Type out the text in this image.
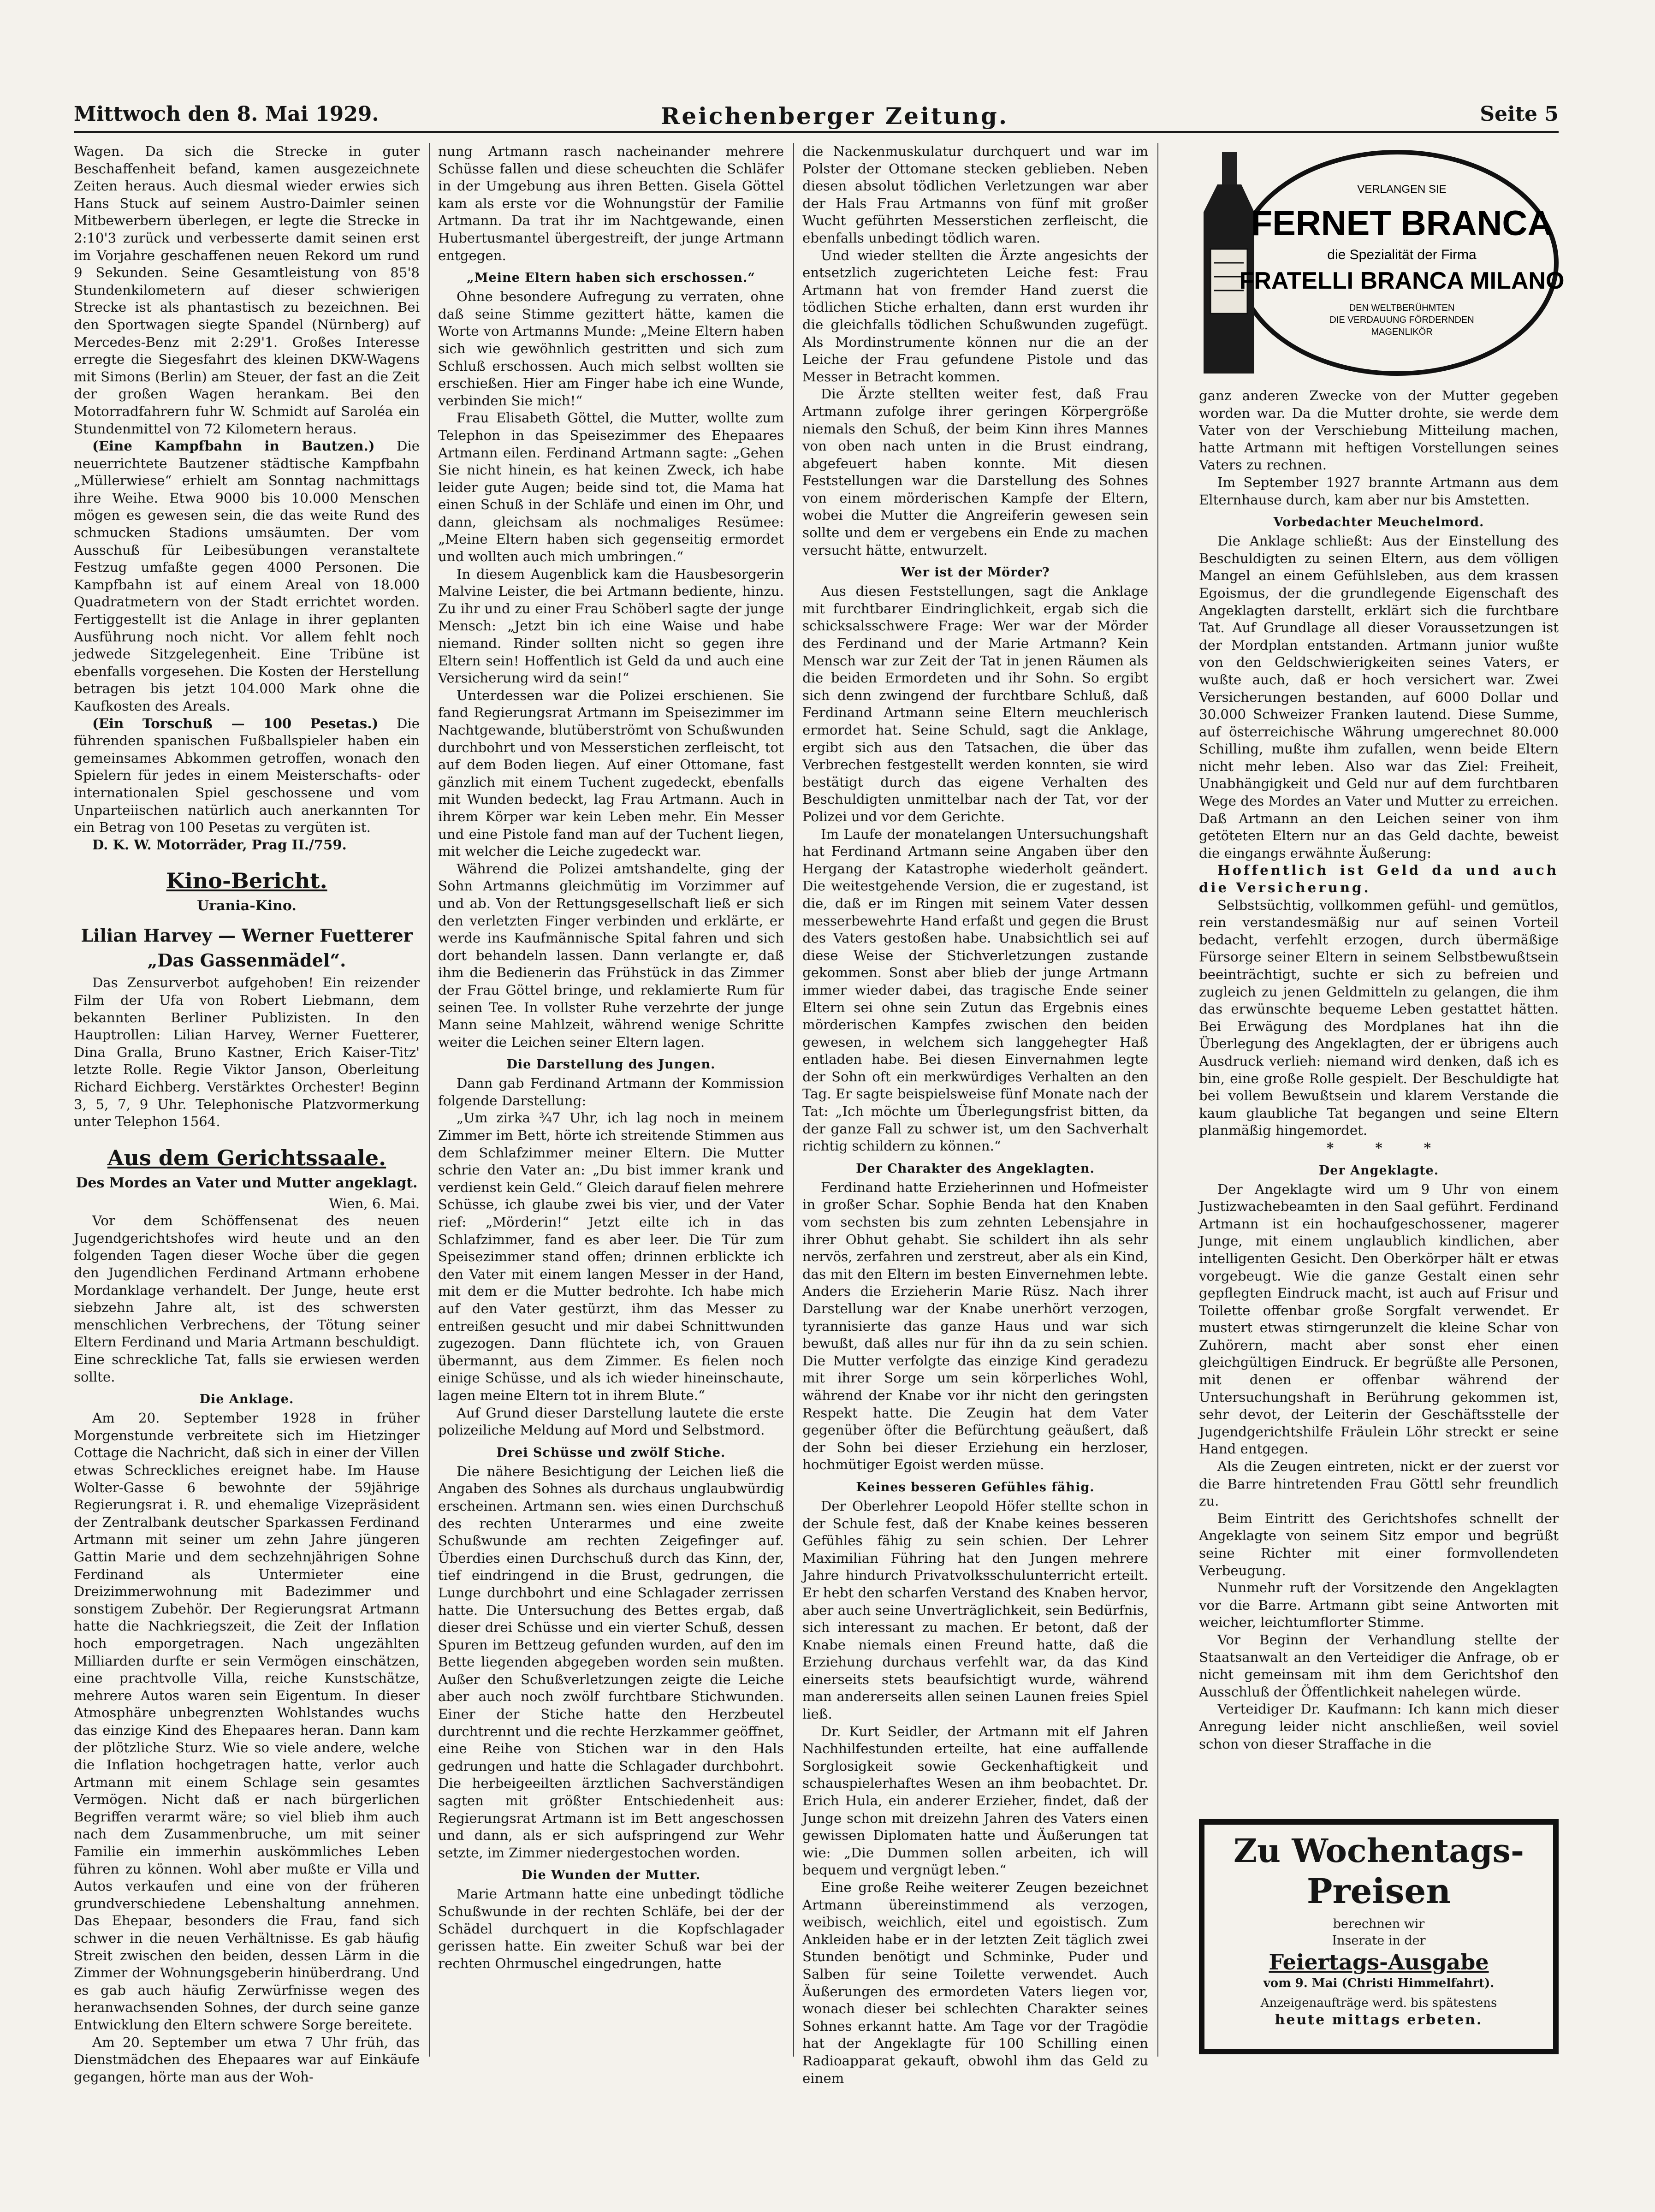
Mittwoch den 8. Mai 1929.	Reichenberger Zeitung.	Seite 5

Wagen. Da sich die Strecke in guter Beschaffenheit befand, kamen ausgezeichnete Zeiten heraus. Auch diesmal wieder erwies sich Hans Stuck auf seinem Austro-Daimler seinen Mitbewerbern überlegen, er legte die Strecke in 2:10'3 zurück und verbesserte damit seinen erst im Vorjahre geschaffenen neuen Rekord um rund 9 Sekunden. Seine Gesamtleistung von 85'8 Stundenkilometern auf dieser schwierigen Strecke ist als phantastisch zu bezeichnen. Bei den Sportwagen siegte Spandel (Nürnberg) auf Mercedes-Benz mit 2:29'1. Großes Interesse erregte die Siegesfahrt des kleinen DKW-Wagens mit Simons (Berlin) am Steuer, der fast an die Zeit der großen Wagen herankam. Bei den Motorradfahrern fuhr W. Schmidt auf Saroléa ein Stundenmittel von 72 Kilometern heraus.

(Eine Kampfbahn in Bautzen.) Die neuerrichtete Bautzener städtische Kampfbahn „Müllerwiese“ erhielt am Sonntag nachmittags ihre Weihe. Etwa 9000 bis 10.000 Menschen mögen es gewesen sein, die das weite Rund des schmucken Stadions umsäumten. Der vom Ausschuß für Leibesübungen veranstaltete Festzug umfaßte gegen 4000 Personen. Die Kampfbahn ist auf einem Areal von 18.000 Quadratmetern von der Stadt errichtet worden. Fertiggestellt ist die Anlage in ihrer geplanten Ausführung noch nicht. Vor allem fehlt noch jedwede Sitzgelegenheit. Eine Tribüne ist ebenfalls vorgesehen. Die Kosten der Herstellung betragen bis jetzt 104.000 Mark ohne die Kaufkosten des Areals.

(Ein Torschuß — 100 Pesetas.) Die führenden spanischen Fußballspieler haben ein gemeinsames Abkommen getroffen, wonach den Spielern für jedes in einem Meisterschafts- oder internationalen Spiel geschossene und vom Unparteiischen natürlich auch anerkannten Tor ein Betrag von 100 Pesetas zu vergüten ist.

D. K. W. Motorräder, Prag II./759.

Kino-Bericht.
Urania-Kino.
Lilian Harvey — Werner Fuetterer
„Das Gassenmädel“.

Das Zensurverbot aufgehoben! Ein reizender Film der Ufa von Robert Liebmann, dem bekannten Berliner Publizisten. In den Hauptrollen: Lilian Harvey, Werner Fuetterer, Dina Gralla, Bruno Kastner, Erich Kaiser-Titz' letzte Rolle. Regie Viktor Janson, Oberleitung Richard Eichberg. Verstärktes Orchester! Beginn 3, 5, 7, 9 Uhr. Telephonische Platzvormerkung unter Telephon 1564.

Aus dem Gerichtssaale.
Des Mordes an Vater und Mutter angeklagt.

Wien, 6. Mai.

Vor dem Schöffensenat des neuen Jugendgerichtshofes wird heute und an den folgenden Tagen dieser Woche über die gegen den Jugendlichen Ferdinand Artmann erhobene Mordanklage verhandelt. Der Junge, heute erst siebzehn Jahre alt, ist des schwersten menschlichen Verbrechens, der Tötung seiner Eltern Ferdinand und Maria Artmann beschuldigt. Eine schreckliche Tat, falls sie erwiesen werden sollte.

Die Anklage.

Am 20. September 1928 in früher Morgenstunde verbreitete sich im Hietzinger Cottage die Nachricht, daß sich in einer der Villen etwas Schreckliches ereignet habe. Im Hause Wolter-Gasse 6 bewohnte der 59jährige Regierungsrat i. R. und ehemalige Vizepräsident der Zentralbank deutscher Sparkassen Ferdinand Artmann mit seiner um zehn Jahre jüngeren Gattin Marie und dem sechzehnjährigen Sohne Ferdinand als Untermieter eine Dreizimmerwohnung mit Badezimmer und sonstigem Zubehör. Der Regierungsrat Artmann hatte die Nachkriegszeit, die Zeit der Inflation hoch emporgetragen. Nach ungezählten Milliarden durfte er sein Vermögen einschätzen, eine prachtvolle Villa, reiche Kunstschätze, mehrere Autos waren sein Eigentum. In dieser Atmosphäre unbegrenzten Wohlstandes wuchs das einzige Kind des Ehepaares heran. Dann kam der plötzliche Sturz. Wie so viele andere, welche die Inflation hochgetragen hatte, verlor auch Artmann mit einem Schlage sein gesamtes Vermögen. Nicht daß er nach bürgerlichen Begriffen verarmt wäre; so viel blieb ihm auch nach dem Zusammenbruche, um mit seiner Familie ein immerhin auskömmliches Leben führen zu können. Wohl aber mußte er Villa und Autos verkaufen und eine von der früheren grundverschiedene Lebenshaltung annehmen. Das Ehepaar, besonders die Frau, fand sich schwer in die neuen Verhältnisse. Es gab häufig Streit zwischen den beiden, dessen Lärm in die Zimmer der Wohnungsgeberin hinüberdrang. Und es gab auch häufig Zerwürfnisse wegen des heranwachsenden Sohnes, der durch seine ganze Entwicklung den Eltern schwere Sorge bereitete.

Am 20. September um etwa 7 Uhr früh, das Dienstmädchen des Ehepaares war auf Einkäufe gegangen, hörte man aus der Woh-

nung Artmann rasch nacheinander mehrere Schüsse fallen und diese scheuchten die Schläfer in der Umgebung aus ihren Betten. Gisela Göttel kam als erste vor die Wohnungstür der Familie Artmann. Da trat ihr im Nachtgewande, einen Hubertusmantel übergestreift, der junge Artmann entgegen.

„Meine Eltern haben sich erschossen.“

Ohne besondere Aufregung zu verraten, ohne daß seine Stimme gezittert hätte, kamen die Worte von Artmanns Munde: „Meine Eltern haben sich wie gewöhnlich gestritten und sich zum Schluß erschossen. Auch mich selbst wollten sie erschießen. Hier am Finger habe ich eine Wunde, verbinden Sie mich!“

Frau Elisabeth Göttel, die Mutter, wollte zum Telephon in das Speisezimmer des Ehepaares Artmann eilen. Ferdinand Artmann sagte: „Gehen Sie nicht hinein, es hat keinen Zweck, ich habe leider gute Augen; beide sind tot, die Mama hat einen Schuß in der Schläfe und einen im Ohr, und dann, gleichsam als nochmaliges Resümee: „Meine Eltern haben sich gegenseitig ermordet und wollten auch mich umbringen.“

In diesem Augenblick kam die Hausbesorgerin Malvine Leister, die bei Artmann bediente, hinzu. Zu ihr und zu einer Frau Schöberl sagte der junge Mensch: „Jetzt bin ich eine Waise und habe niemand. Rinder sollten nicht so gegen ihre Eltern sein! Hoffentlich ist Geld da und auch eine Versicherung wird da sein!“

Unterdessen war die Polizei erschienen. Sie fand Regierungsrat Artmann im Speisezimmer im Nachtgewande, blutüberströmt von Schußwunden durchbohrt und von Messerstichen zerfleischt, tot auf dem Boden liegen. Auf einer Ottomane, fast gänzlich mit einem Tuchent zugedeckt, ebenfalls mit Wunden bedeckt, lag Frau Artmann. Auch in ihrem Körper war kein Leben mehr. Ein Messer und eine Pistole fand man auf der Tuchent liegen, mit welcher die Leiche zugedeckt war.

Während die Polizei amtshandelte, ging der Sohn Artmanns gleichmütig im Vorzimmer auf und ab. Von der Rettungsgesellschaft ließ er sich den verletzten Finger verbinden und erklärte, er werde ins Kaufmännische Spital fahren und sich dort behandeln lassen. Dann verlangte er, daß ihm die Bedienerin das Frühstück in das Zimmer der Frau Göttel bringe, und reklamierte Rum für seinen Tee. In vollster Ruhe verzehrte der junge Mann seine Mahlzeit, während wenige Schritte weiter die Leichen seiner Eltern lagen.

Die Darstellung des Jungen.

Dann gab Ferdinand Artmann der Kommission folgende Darstellung:

„Um zirka ¾7 Uhr, ich lag noch in meinem Zimmer im Bett, hörte ich streitende Stimmen aus dem Schlafzimmer meiner Eltern. Die Mutter schrie den Vater an: „Du bist immer krank und verdienst kein Geld.“ Gleich darauf fielen mehrere Schüsse, ich glaube zwei bis vier, und der Vater rief: „Mörderin!“ Jetzt eilte ich in das Schlafzimmer, fand es aber leer. Die Tür zum Speisezimmer stand offen; drinnen erblickte ich den Vater mit einem langen Messer in der Hand, mit dem er die Mutter bedrohte. Ich habe mich auf den Vater gestürzt, ihm das Messer zu entreißen gesucht und mir dabei Schnittwunden zugezogen. Dann flüchtete ich, von Grauen übermannt, aus dem Zimmer. Es fielen noch einige Schüsse, und als ich wieder hineinschaute, lagen meine Eltern tot in ihrem Blute.“

Auf Grund dieser Darstellung lautete die erste polizeiliche Meldung auf Mord und Selbstmord.

Drei Schüsse und zwölf Stiche.

Die nähere Besichtigung der Leichen ließ die Angaben des Sohnes als durchaus unglaubwürdig erscheinen. Artmann sen. wies einen Durchschuß des rechten Unterarmes und eine zweite Schußwunde am rechten Zeigefinger auf. Überdies einen Durchschuß durch das Kinn, der, tief eindringend in die Brust, gedrungen, die Lunge durchbohrt und eine Schlagader zerrissen hatte. Die Untersuchung des Bettes ergab, daß dieser drei Schüsse und ein vierter Schuß, dessen Spuren im Bettzeug gefunden wurden, auf den im Bette liegenden abgegeben worden sein mußten. Außer den Schußverletzungen zeigte die Leiche aber auch noch zwölf furchtbare Stichwunden. Einer der Stiche hatte den Herzbeutel durchtrennt und die rechte Herzkammer geöffnet, eine Reihe von Stichen war in den Hals gedrungen und hatte die Schlagader durchbohrt. Die herbeigeeilten ärztlichen Sachverständigen sagten mit größter Entschiedenheit aus: Regierungsrat Artmann ist im Bett angeschossen und dann, als er sich aufspringend zur Wehr setzte, im Zimmer niedergestochen worden.

Die Wunden der Mutter.

Marie Artmann hatte eine unbedingt tödliche Schußwunde in der rechten Schläfe, bei der der Schädel durchquert in die Kopfschlagader gerissen hatte. Ein zweiter Schuß war bei der rechten Ohrmuschel eingedrungen, hatte

die Nackenmuskulatur durchquert und war im Polster der Ottomane stecken geblieben. Neben diesen absolut tödlichen Verletzungen war aber der Hals Frau Artmanns von fünf mit großer Wucht geführten Messerstichen zerfleischt, die ebenfalls unbedingt tödlich waren.

Und wieder stellten die Ärzte angesichts der entsetzlich zugerichteten Leiche fest: Frau Artmann hat von fremder Hand zuerst die tödlichen Stiche erhalten, dann erst wurden ihr die gleichfalls tödlichen Schußwunden zugefügt. Als Mordinstrumente können nur die an der Leiche der Frau gefundene Pistole und das Messer in Betracht kommen.

Die Ärzte stellten weiter fest, daß Frau Artmann zufolge ihrer geringen Körpergröße niemals den Schuß, der beim Kinn ihres Mannes von oben nach unten in die Brust eindrang, abgefeuert haben konnte. Mit diesen Feststellungen war die Darstellung des Sohnes von einem mörderischen Kampfe der Eltern, wobei die Mutter die Angreiferin gewesen sein sollte und dem er vergebens ein Ende zu machen versucht hätte, entwurzelt.

Wer ist der Mörder?

Aus diesen Feststellungen, sagt die Anklage mit furchtbarer Eindringlichkeit, ergab sich die schicksalsschwere Frage: Wer war der Mörder des Ferdinand und der Marie Artmann? Kein Mensch war zur Zeit der Tat in jenen Räumen als die beiden Ermordeten und ihr Sohn. So ergibt sich denn zwingend der furchtbare Schluß, daß Ferdinand Artmann seine Eltern meuchlerisch ermordet hat. Seine Schuld, sagt die Anklage, ergibt sich aus den Tatsachen, die über das Verbrechen festgestellt werden konnten, sie wird bestätigt durch das eigene Verhalten des Beschuldigten unmittelbar nach der Tat, vor der Polizei und vor dem Gerichte.

Im Laufe der monatelangen Untersuchungshaft hat Ferdinand Artmann seine Angaben über den Hergang der Katastrophe wiederholt geändert. Die weitestgehende Version, die er zugestand, ist die, daß er im Ringen mit seinem Vater dessen messerbewehrte Hand erfaßt und gegen die Brust des Vaters gestoßen habe. Unabsichtlich sei auf diese Weise der Stichverletzungen zustande gekommen. Sonst aber blieb der junge Artmann immer wieder dabei, das tragische Ende seiner Eltern sei ohne sein Zutun das Ergebnis eines mörderischen Kampfes zwischen den beiden gewesen, in welchem sich langgehegter Haß entladen habe. Bei diesen Einvernahmen legte der Sohn oft ein merkwürdiges Verhalten an den Tag. Er sagte beispielsweise fünf Monate nach der Tat: „Ich möchte um Überlegungsfrist bitten, da der ganze Fall zu schwer ist, um den Sachverhalt richtig schildern zu können.“

Der Charakter des Angeklagten.

Ferdinand hatte Erzieherinnen und Hofmeister in großer Schar. Sophie Benda hat den Knaben vom sechsten bis zum zehnten Lebensjahre in ihrer Obhut gehabt. Sie schildert ihn als sehr nervös, zerfahren und zerstreut, aber als ein Kind, das mit den Eltern im besten Einvernehmen lebte. Anders die Erzieherin Marie Rüsz. Nach ihrer Darstellung war der Knabe unerhört verzogen, tyrannisierte das ganze Haus und war sich bewußt, daß alles nur für ihn da zu sein schien. Die Mutter verfolgte das einzige Kind geradezu mit ihrer Sorge um sein körperliches Wohl, während der Knabe vor ihr nicht den geringsten Respekt hatte. Die Zeugin hat dem Vater gegenüber öfter die Befürchtung geäußert, daß der Sohn bei dieser Erziehung ein herzloser, hochmütiger Egoist werden müsse.

Keines besseren Gefühles fähig.

Der Oberlehrer Leopold Höfer stellte schon in der Schule fest, daß der Knabe keines besseren Gefühles fähig zu sein schien. Der Lehrer Maximilian Führing hat den Jungen mehrere Jahre hindurch Privatvolksschulunterricht erteilt. Er hebt den scharfen Verstand des Knaben hervor, aber auch seine Unverträglichkeit, sein Bedürfnis, sich interessant zu machen. Er betont, daß der Knabe niemals einen Freund hatte, daß die Erziehung durchaus verfehlt war, da das Kind einerseits stets beaufsichtigt wurde, während man andererseits allen seinen Launen freies Spiel ließ.

Dr. Kurt Seidler, der Artmann mit elf Jahren Nachhilfestunden erteilte, hat eine auffallende Sorglosigkeit sowie Geckenhaftigkeit und schauspielerhaftes Wesen an ihm beobachtet. Dr. Erich Hula, ein anderer Erzieher, findet, daß der Junge schon mit dreizehn Jahren des Vaters einen gewissen Diplomaten hatte und Äußerungen tat wie: „Die Dummen sollen arbeiten, ich will bequem und vergnügt leben.“

Eine große Reihe weiterer Zeugen bezeichnet Artmann übereinstimmend als verzogen, weibisch, weichlich, eitel und egoistisch. Zum Ankleiden habe er in der letzten Zeit täglich zwei Stunden benötigt und Schminke, Puder und Salben für seine Toilette verwendet. Auch Äußerungen des ermordeten Vaters liegen vor, wonach dieser bei schlechten Charakter seines Sohnes erkannt hatte. Am Tage vor der Tragödie hat der Angeklagte für 100 Schilling einen Radioapparat gekauft, obwohl ihm das Geld zu einem

VERLANGEN SIE
FERNET BRANCA
die Spezialität der Firma
FRATELLI BRANCA MILANO
DEN WELTBERÜHMTEN
DIE VERDAUUNG FÖRDERNDEN
MAGENLIKÖR

ganz anderen Zwecke von der Mutter gegeben worden war. Da die Mutter drohte, sie werde dem Vater von der Verschiebung Mitteilung machen, hatte Artmann mit heftigen Vorstellungen seines Vaters zu rechnen.

Im September 1927 brannte Artmann aus dem Elternhause durch, kam aber nur bis Amstetten.

Vorbedachter Meuchelmord.

Die Anklage schließt: Aus der Einstellung des Beschuldigten zu seinen Eltern, aus dem völligen Mangel an einem Gefühlsleben, aus dem krassen Egoismus, der die grundlegende Eigenschaft des Angeklagten darstellt, erklärt sich die furchtbare Tat. Auf Grundlage all dieser Voraussetzungen ist der Mordplan entstanden. Artmann junior wußte von den Geldschwierigkeiten seines Vaters, er wußte auch, daß er hoch versichert war. Zwei Versicherungen bestanden, auf 6000 Dollar und 30.000 Schweizer Franken lautend. Diese Summe, auf österreichische Währung umgerechnet 80.000 Schilling, mußte ihm zufallen, wenn beide Eltern nicht mehr leben. Also war das Ziel: Freiheit, Unabhängigkeit und Geld nur auf dem furchtbaren Wege des Mordes an Vater und Mutter zu erreichen. Daß Artmann an den Leichen seiner von ihm getöteten Eltern nur an das Geld dachte, beweist die eingangs erwähnte Äußerung:

Hoffentlich ist Geld da und auch die Versicherung.

Selbstsüchtig, vollkommen gefühl- und gemütlos, rein verstandesmäßig nur auf seinen Vorteil bedacht, verfehlt erzogen, durch übermäßige Fürsorge seiner Eltern in seinem Selbstbewußtsein beeinträchtigt, suchte er sich zu befreien und zugleich zu jenen Geldmitteln zu gelangen, die ihm das erwünschte bequeme Leben gestattet hätten. Bei Erwägung des Mordplanes hat ihn die Überlegung des Angeklagten, der er übrigens auch Ausdruck verlieh: niemand wird denken, daß ich es bin, eine große Rolle gespielt. Der Beschuldigte hat bei vollem Bewußtsein und klarem Verstande die kaum glaubliche Tat begangen und seine Eltern planmäßig hingemordet.

* * *

Der Angeklagte.

Der Angeklagte wird um 9 Uhr von einem Justizwachebeamten in den Saal geführt. Ferdinand Artmann ist ein hochaufgeschossener, magerer Junge, mit einem unglaublich kindlichen, aber intelligenten Gesicht. Den Oberkörper hält er etwas vorgebeugt. Wie die ganze Gestalt einen sehr gepflegten Eindruck macht, ist auch auf Frisur und Toilette offenbar große Sorgfalt verwendet. Er mustert etwas stirngerunzelt die kleine Schar von Zuhörern, macht aber sonst eher einen gleichgültigen Eindruck. Er begrüßte alle Personen, mit denen er offenbar während der Untersuchungshaft in Berührung gekommen ist, sehr devot, der Leiterin der Geschäftsstelle der Jugendgerichtshilfe Fräulein Löhr streckt er seine Hand entgegen.

Als die Zeugen eintreten, nickt er der zuerst vor die Barre hintretenden Frau Göttl sehr freundlich zu.

Beim Eintritt des Gerichtshofes schnellt der Angeklagte von seinem Sitz empor und begrüßt seine Richter mit einer formvollendeten Verbeugung.

Nunmehr ruft der Vorsitzende den Angeklagten vor die Barre. Artmann gibt seine Antworten mit weicher, leichtumflorter Stimme.

Vor Beginn der Verhandlung stellte der Staatsanwalt an den Verteidiger die Anfrage, ob er nicht gemeinsam mit ihm dem Gerichtshof den Ausschluß der Öffentlichkeit nahelegen würde.

Verteidiger Dr. Kaufmann: Ich kann mich dieser Anregung leider nicht anschließen, weil soviel schon von dieser Straffache in die

Zu Wochentags-
Preisen
berechnen wir
Inserate in der
Feiertags-Ausgabe
vom 9. Mai (Christi Himmelfahrt).
Anzeigenaufträge werd. bis spätestens
heute mittags erbeten.
